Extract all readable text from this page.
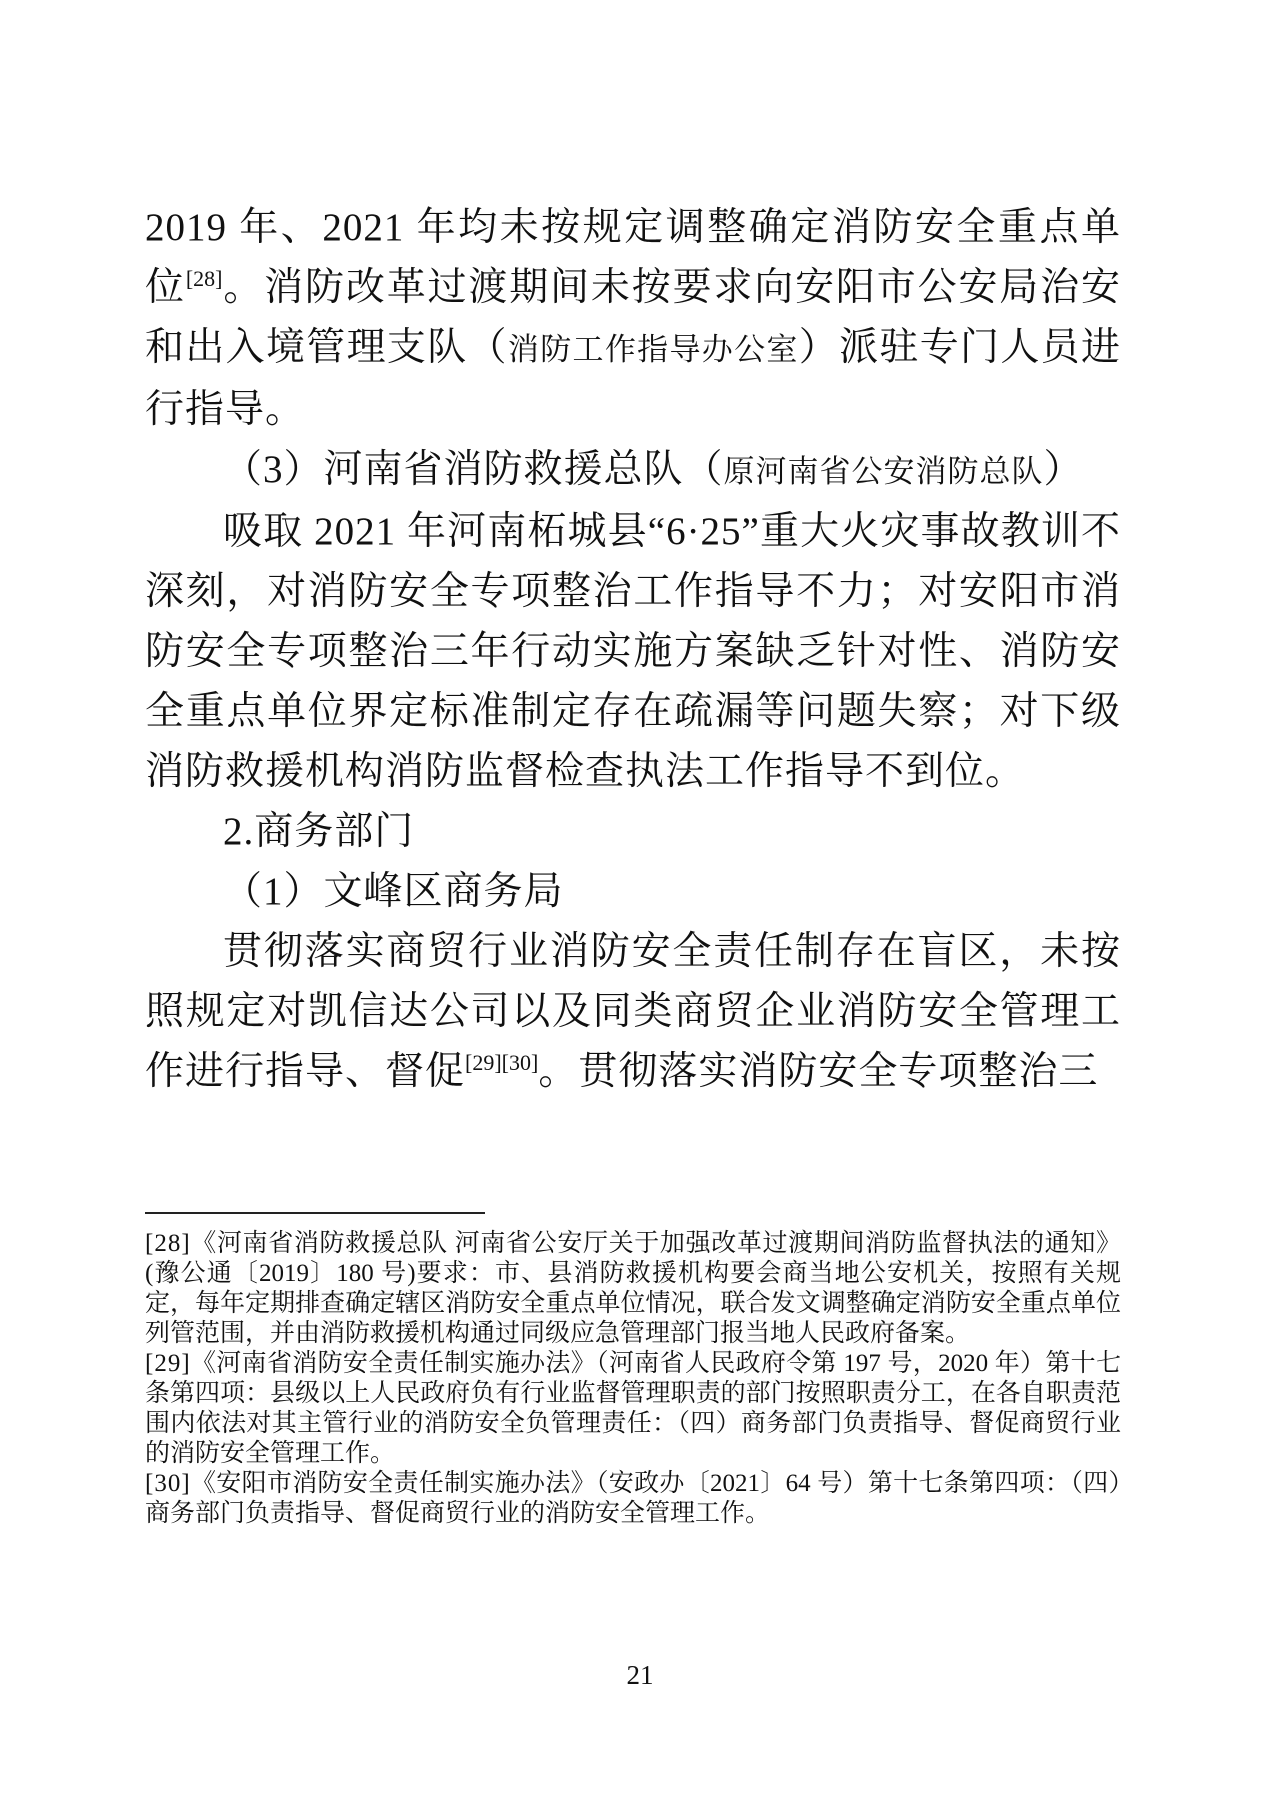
2019 年、2021 年均未按规定调整确定消防安全重点单位[28]。消防改革过渡期间未按要求向安阳市公安局治安和出入境管理支队（消防工作指导办公室）派驻专门人员进行指导。

（3）河南省消防救援总队（原河南省公安消防总队）

吸取 2021 年河南柘城县“6·25”重大火灾事故教训不深刻，对消防安全专项整治工作指导不力；对安阳市消防安全专项整治三年行动实施方案缺乏针对性、消防安全重点单位界定标准制定存在疏漏等问题失察；对下级消防救援机构消防监督检查执法工作指导不到位。

2.商务部门

（1）文峰区商务局

贯彻落实商贸行业消防安全责任制存在盲区，未按照规定对凯信达公司以及同类商贸企业消防安全管理工作进行指导、督促[29][30]。贯彻落实消防安全专项整治三

[28]《河南省消防救援总队 河南省公安厅关于加强改革过渡期间消防监督执法的通知》(豫公通〔2019〕180 号)要求：市、县消防救援机构要会商当地公安机关，按照有关规定，每年定期排查确定辖区消防安全重点单位情况，联合发文调整确定消防安全重点单位列管范围，并由消防救援机构通过同级应急管理部门报当地人民政府备案。

[29]《河南省消防安全责任制实施办法》（河南省人民政府令第 197 号，2020 年）第十七条第四项：县级以上人民政府负有行业监督管理职责的部门按照职责分工，在各自职责范围内依法对其主管行业的消防安全负管理责任：（四）商务部门负责指导、督促商贸行业的消防安全管理工作。

[30]《安阳市消防安全责任制实施办法》（安政办〔2021〕64 号）第十七条第四项：（四）商务部门负责指导、督促商贸行业的消防安全管理工作。

21
